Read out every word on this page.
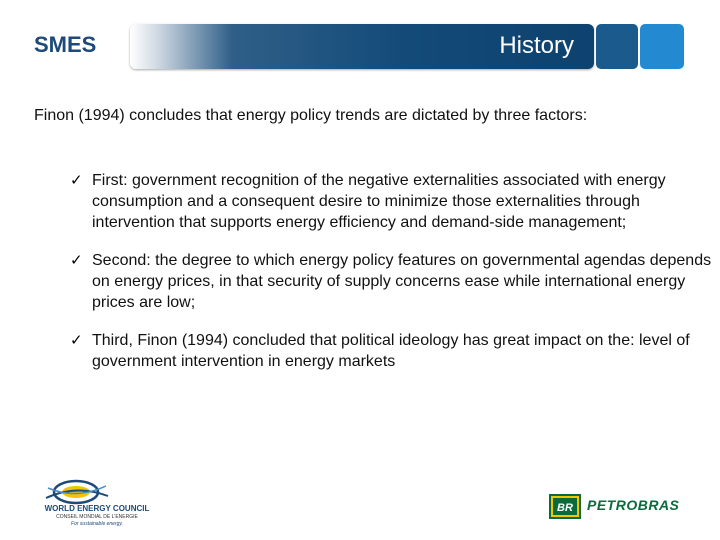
SMES	History
Finon (1994) concludes that energy policy trends are dictated by three factors:
✓ First: government recognition of the negative externalities associated with energy consumption and a consequent desire to minimize those externalities through intervention that supports energy efficiency and demand-side management;
✓ Second: the degree to which energy policy features on governmental agendas depends on energy prices, in that security of supply concerns ease while international energy prices are low;
✓ Third, Finon (1994) concluded that political ideology has great impact on the: level of government intervention in energy markets
WORLD ENERGY COUNCIL
CONSEIL MONDIAL DE L'ENERGIE
For sustainable energy.
BR PETROBRAS
